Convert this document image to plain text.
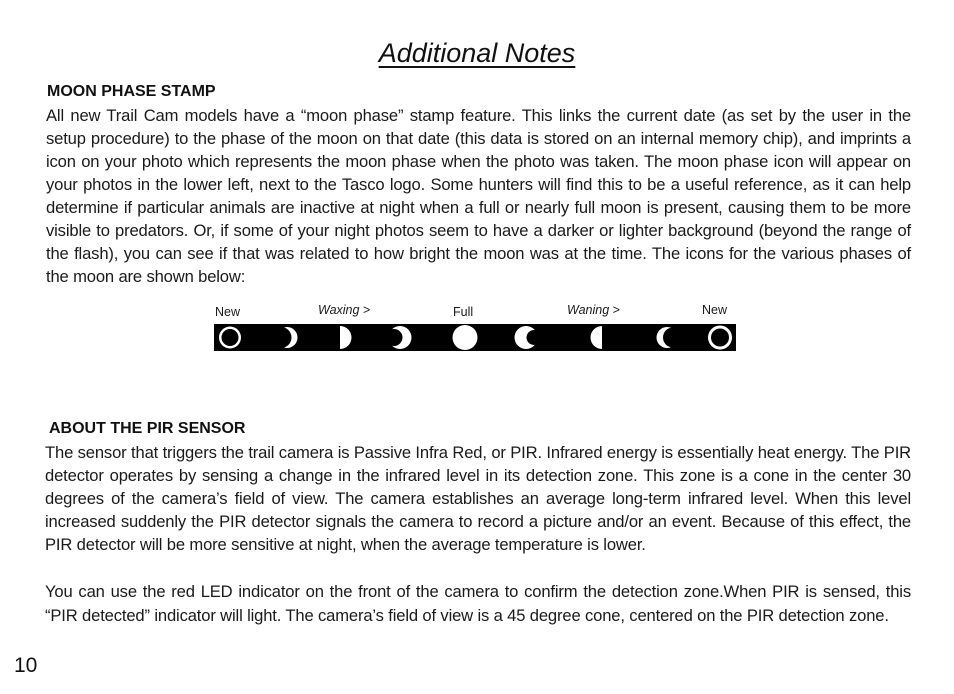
Additional Notes
MOON PHASE STAMP
All new Trail Cam models have a “moon phase” stamp feature. This links the current date (as set by the user in the setup procedure) to the phase of the moon on that date (this data is stored on an internal memory chip), and imprints a icon on your photo which represents the moon phase when the photo was taken. The moon phase icon will appear on your photos in the lower left, next to the Tasco logo. Some hunters will find this to be a useful reference, as it can help determine if particular animals are inactive at night when a full or nearly full moon is present, causing them to be more visible to predators. Or, if some of your night photos seem to have a darker or lighter background (beyond the range of the flash), you can see if that was related to how bright the moon was at the time. The icons for the various phases of the moon are shown below:
New	Waxing >	Full	Waning >	New
ABOUT THE PIR SENSOR
The sensor that triggers the trail camera is Passive Infra Red, or PIR. Infrared energy is essentially heat energy. The PIR detector operates by sensing a change in the infrared level in its detection zone. This zone is a cone in the center 30 degrees of the camera’s field of view. The camera establishes an average long-term infrared level. When this level increased suddenly the PIR detector signals the camera to record a picture and/or an event. Because of this effect, the PIR detector will be more sensitive at night, when the average temperature is lower.
You can use the red LED indicator on the front of the camera to confirm the detection zone.When PIR is sensed, this “PIR detected” indicator will light. The camera’s field of view is a 45 degree cone, centered on the PIR detection zone.
10
